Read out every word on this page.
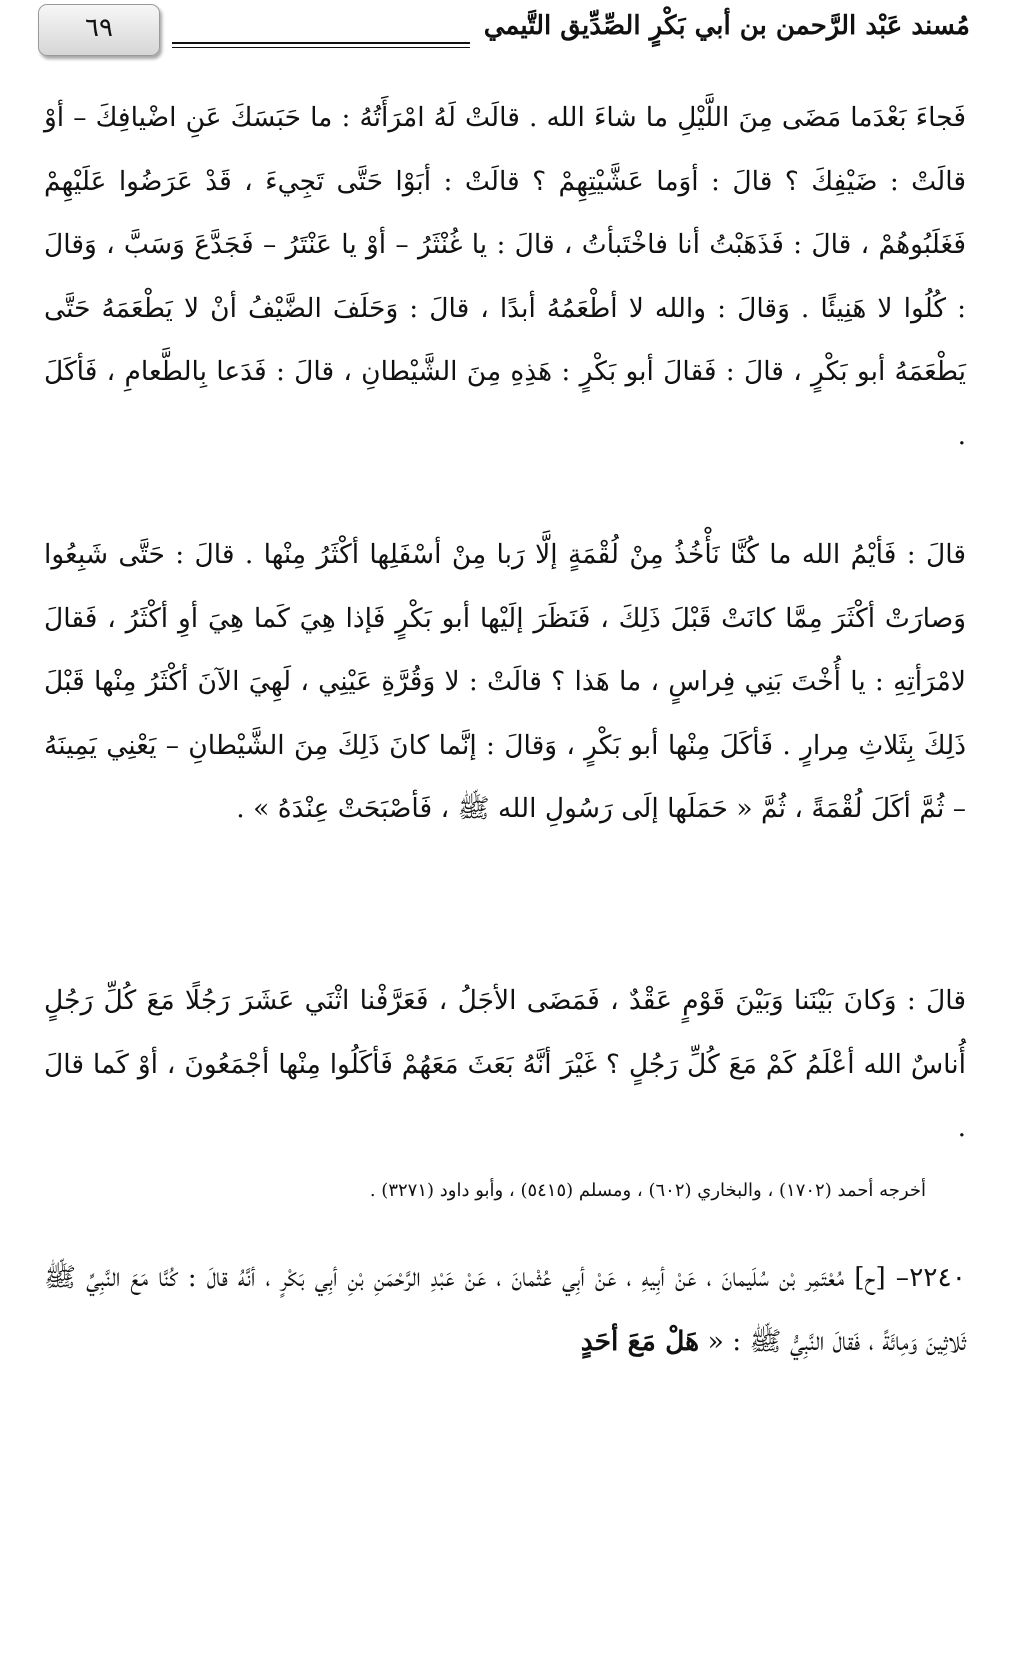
٦٩	مُسند عَبْد الرَّحمن بن أبي بَكْرٍ الصِّدِّيق التَّيمي

فَجاءَ بَعْدَما مَضَى مِنَ اللَّيْلِ ما شاءَ الله . قالَتْ لَهُ امْرَأَتُهُ : ما حَبَسَكَ عَنِ اضْيافِكَ – أوْ قالَتْ : ضَيْفِكَ ؟ قالَ : أوَما عَشَّيْتِهِمْ ؟ قالَتْ : أبَوْا حَتَّى تَجِيءَ ، قَدْ عَرَضُوا عَلَيْهِمْ فَغَلَبُوهُمْ ، قالَ : فَذَهَبْتُ أنا فاخْتَبأتُ ، قالَ : يا غُنْثَرُ – أوْ يا عَنْتَرُ – فَجَدَّعَ وَسَبَّ ، وَقالَ : كُلُوا لا هَنِيئًا . وَقالَ : والله لا أطْعَمُهُ أبدًا ، قالَ : وَحَلَفَ الضَّيْفُ أنْ لا يَطْعَمَهُ حَتَّى يَطْعَمَهُ أبو بَكْرٍ ، قالَ : فَقالَ أبو بَكْرٍ : هَذِهِ مِنَ الشَّيْطانِ ، قالَ : فَدَعا بِالطَّعامِ ، فَأكَلَ .

قالَ : فَأيْمُ الله ما كُنَّا نَأْخُذُ مِنْ لُقْمَةٍ إلَّا رَبا مِنْ أسْفَلِها أكْثَرُ مِنْها . قالَ : حَتَّى شَبِعُوا وَصارَتْ أكْثَرَ مِمَّا كانَتْ قَبْلَ ذَلِكَ ، فَنَظَرَ إلَيْها أبو بَكْرٍ فَإذا هِيَ كَما هِيَ أوِ أكْثَرُ ، فَقالَ لامْرَأتِهِ : يا أُخْتَ بَنِي فِراسٍ ، ما هَذا ؟ قالَتْ : لا وَقُرَّةِ عَيْنِي ، لَهِيَ الآنَ أكْثَرُ مِنْها قَبْلَ ذَلِكَ بِثَلاثِ مِرارٍ . فَأكَلَ مِنْها أبو بَكْرٍ ، وَقالَ : إنَّما كانَ ذَلِكَ مِنَ الشَّيْطانِ – يَعْنِي يَمِينَهُ – ثُمَّ أكَلَ لُقْمَةً ، ثُمَّ « حَمَلَها إلَى رَسُولِ الله ﷺ ، فَأصْبَحَتْ عِنْدَهُ » .

قالَ : وَكانَ بَيْنَنا وَبَيْنَ قَوْمٍ عَقْدٌ ، فَمَضَى الأجَلُ ، فَعَرَّفْنا اثْنَي عَشَرَ رَجُلًا مَعَ كُلِّ رَجُلٍ أُناسٌ الله أعْلَمُ كَمْ مَعَ كُلِّ رَجُلٍ ؟ غَيْرَ أنَّهُ بَعَثَ مَعَهُمْ فَأكَلُوا مِنْها أجْمَعُونَ ، أوْ كَما قالَ .

أخرجه أحمد (١٧٠٢) ، والبخاري (٦٠٢) ، ومسلم (٥٤١٥) ، وأبو داود (٣٢٧١) .

٢٢٤٠– [ح] مُعْتَمِر بْن سُلَيمانَ ، عَنْ أبِيهِ ، عَنْ أبِي عُثْمانَ ، عَنْ عَبْدِ الرَّحْمَنِ بْنِ أبِي بَكْرٍ ، أنَّهُ قالَ : كُنَّا مَعَ النَّبِيِّ ﷺ ثَلاثِينَ وَمِائَةً ، فَقالَ النَّبِيُّ ﷺ : « هَلْ مَعَ أحَدٍ
